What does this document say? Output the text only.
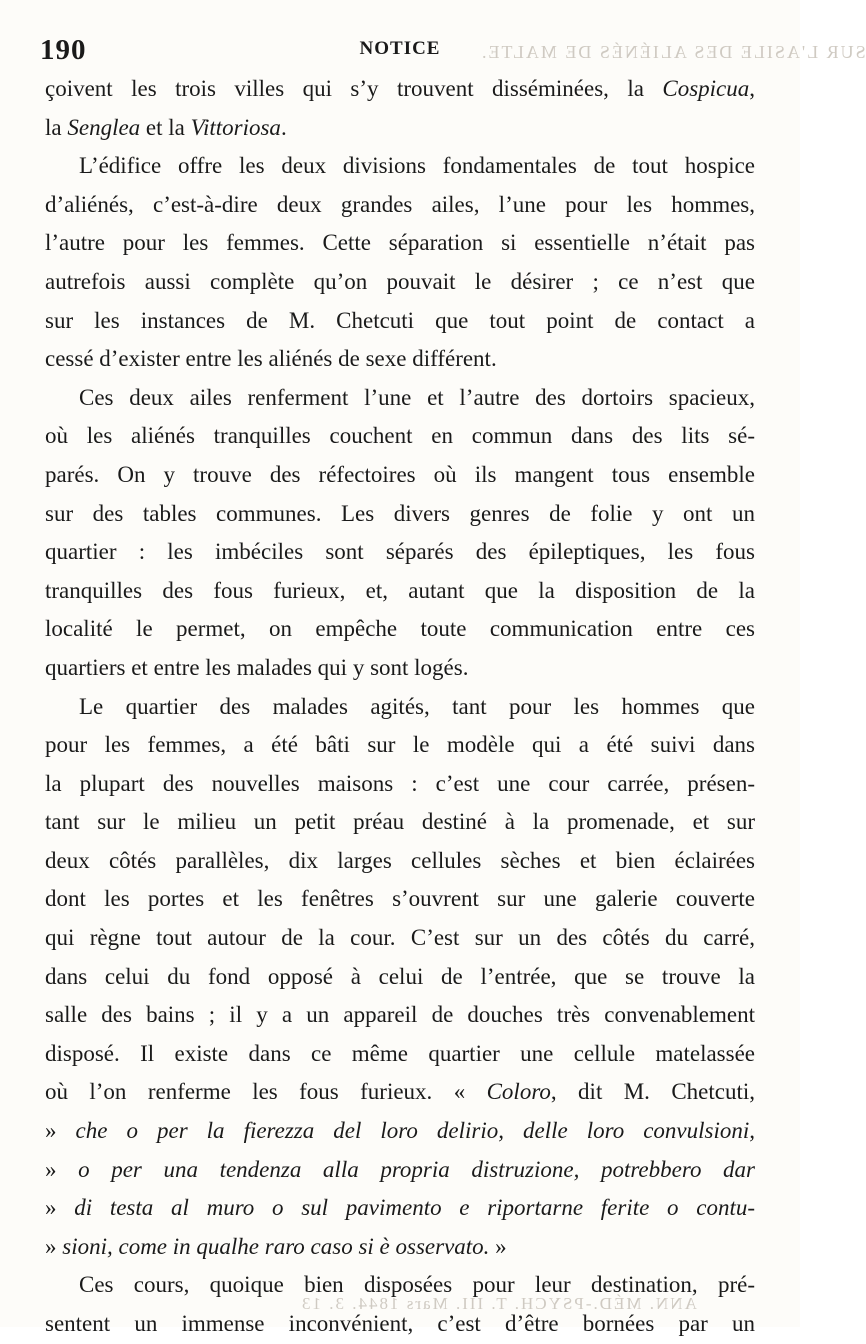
SUR L'ASILE DES ALIÉNÉS DE MALTE.
190	NOTICE

çoivent les trois villes qui s’y trouvent disséminées, la Cospicua,

la Senglea et la Vittoriosa.

L’édifice offre les deux divisions fondamentales de tout hospice

d’aliénés, c’est-à-dire deux grandes ailes, l’une pour les hommes,

l’autre pour les femmes. Cette séparation si essentielle n’était pas

autrefois aussi complète qu’on pouvait le désirer ; ce n’est que

sur les instances de M. Chetcuti que tout point de contact a

cessé d’exister entre les aliénés de sexe différent.

Ces deux ailes renferment l’une et l’autre des dortoirs spacieux,

où les aliénés tranquilles couchent en commun dans des lits sé-

parés. On y trouve des réfectoires où ils mangent tous ensemble

sur des tables communes. Les divers genres de folie y ont un

quartier : les imbéciles sont séparés des épileptiques, les fous

tranquilles des fous furieux, et, autant que la disposition de la

localité le permet, on empêche toute communication entre ces

quartiers et entre les malades qui y sont logés.

Le quartier des malades agités, tant pour les hommes que

pour les femmes, a été bâti sur le modèle qui a été suivi dans

la plupart des nouvelles maisons : c’est une cour carrée, présen-

tant sur le milieu un petit préau destiné à la promenade, et sur

deux côtés parallèles, dix larges cellules sèches et bien éclairées

dont les portes et les fenêtres s’ouvrent sur une galerie couverte

qui règne tout autour de la cour. C’est sur un des côtés du carré,

dans celui du fond opposé à celui de l’entrée, que se trouve la

salle des bains ; il y a un appareil de douches très convenablement

disposé. Il existe dans ce même quartier une cellule matelassée

où l’on renferme les fous furieux. « Coloro, dit M. Chetcuti,

» che o per la fierezza del loro delirio, delle loro convulsioni,

» o per una tendenza alla propria distruzione, potrebbero dar

» di testa al muro o sul pavimento e riportarne ferite o contu-

» sioni, come in qualhe raro caso si è osservato. »

Ces cours, quoique bien disposées pour leur destination, pré-

sentent un immense inconvénient, c’est d’être bornées par un

ANN. MÉD.-PSYCH. T. III. Mars 1844. 3. 13
